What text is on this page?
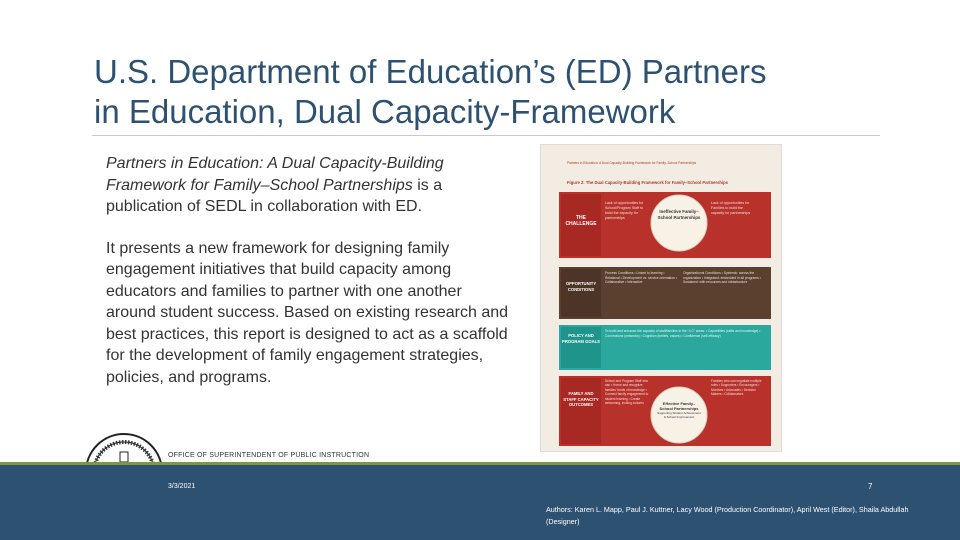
U.S. Department of Education’s (ED) Partners
in Education, Dual Capacity-Framework

Partners in Education: A Dual Capacity-Building Framework for Family–School Partnerships is a publication of SEDL in collaboration with ED.

It presents a new framework for designing family engagement initiatives that build capacity among educators and families to partner with one another around student success. Based on existing research and best practices, this report is designed to act as a scaffold for the development of family engagement strategies, policies, and programs.

Partners in Education: A Dual Capacity-Building Framework for Family–School Partnerships
Figure 2: The Dual Capacity-Building Framework for Family–School Partnerships
THE CHALLENGE
Lack of opportunities for School/Program Staff to build the capacity for partnerships
Ineffective Family–School Partnerships
Lack of opportunities for Families to build the capacity for partnerships
OPPORTUNITY CONDITIONS
Process Conditions • Linked to learning • Relational • Development vs. service orientation • Collaborative • Interactive
Organizational Conditions • Systemic: across the organization • Integrated: embedded in all programs • Sustained: with resources and infrastructure
POLICY AND PROGRAM GOALS
To build and enhance the capacity of staff/families in the “4 C” areas: • Capabilities (skills and knowledge) • Connections (networks) • Cognition (beliefs, values) • Confidence (self-efficacy)
FAMILY AND STAFF CAPACITY OUTCOMES
School and Program Staff who can • Honor and recognize families' funds of knowledge • Connect family engagement to student learning • Create welcoming, inviting cultures	Effective Family–School Partnerships
Supporting Student Achievement & School Improvement
Families who can negotiate multiple roles • Supporters • Encouragers • Monitors • Advocates • Decision Makers • Collaborators
OFFICE OF SUPERINTENDENT OF PUBLIC INSTRUCTION
3/3/2021	7
Authors: Karen L. Mapp, Paul J. Kuttner, Lacy Wood (Production Coordinator), April West (Editor), Shaila Abdullah (Designer)
